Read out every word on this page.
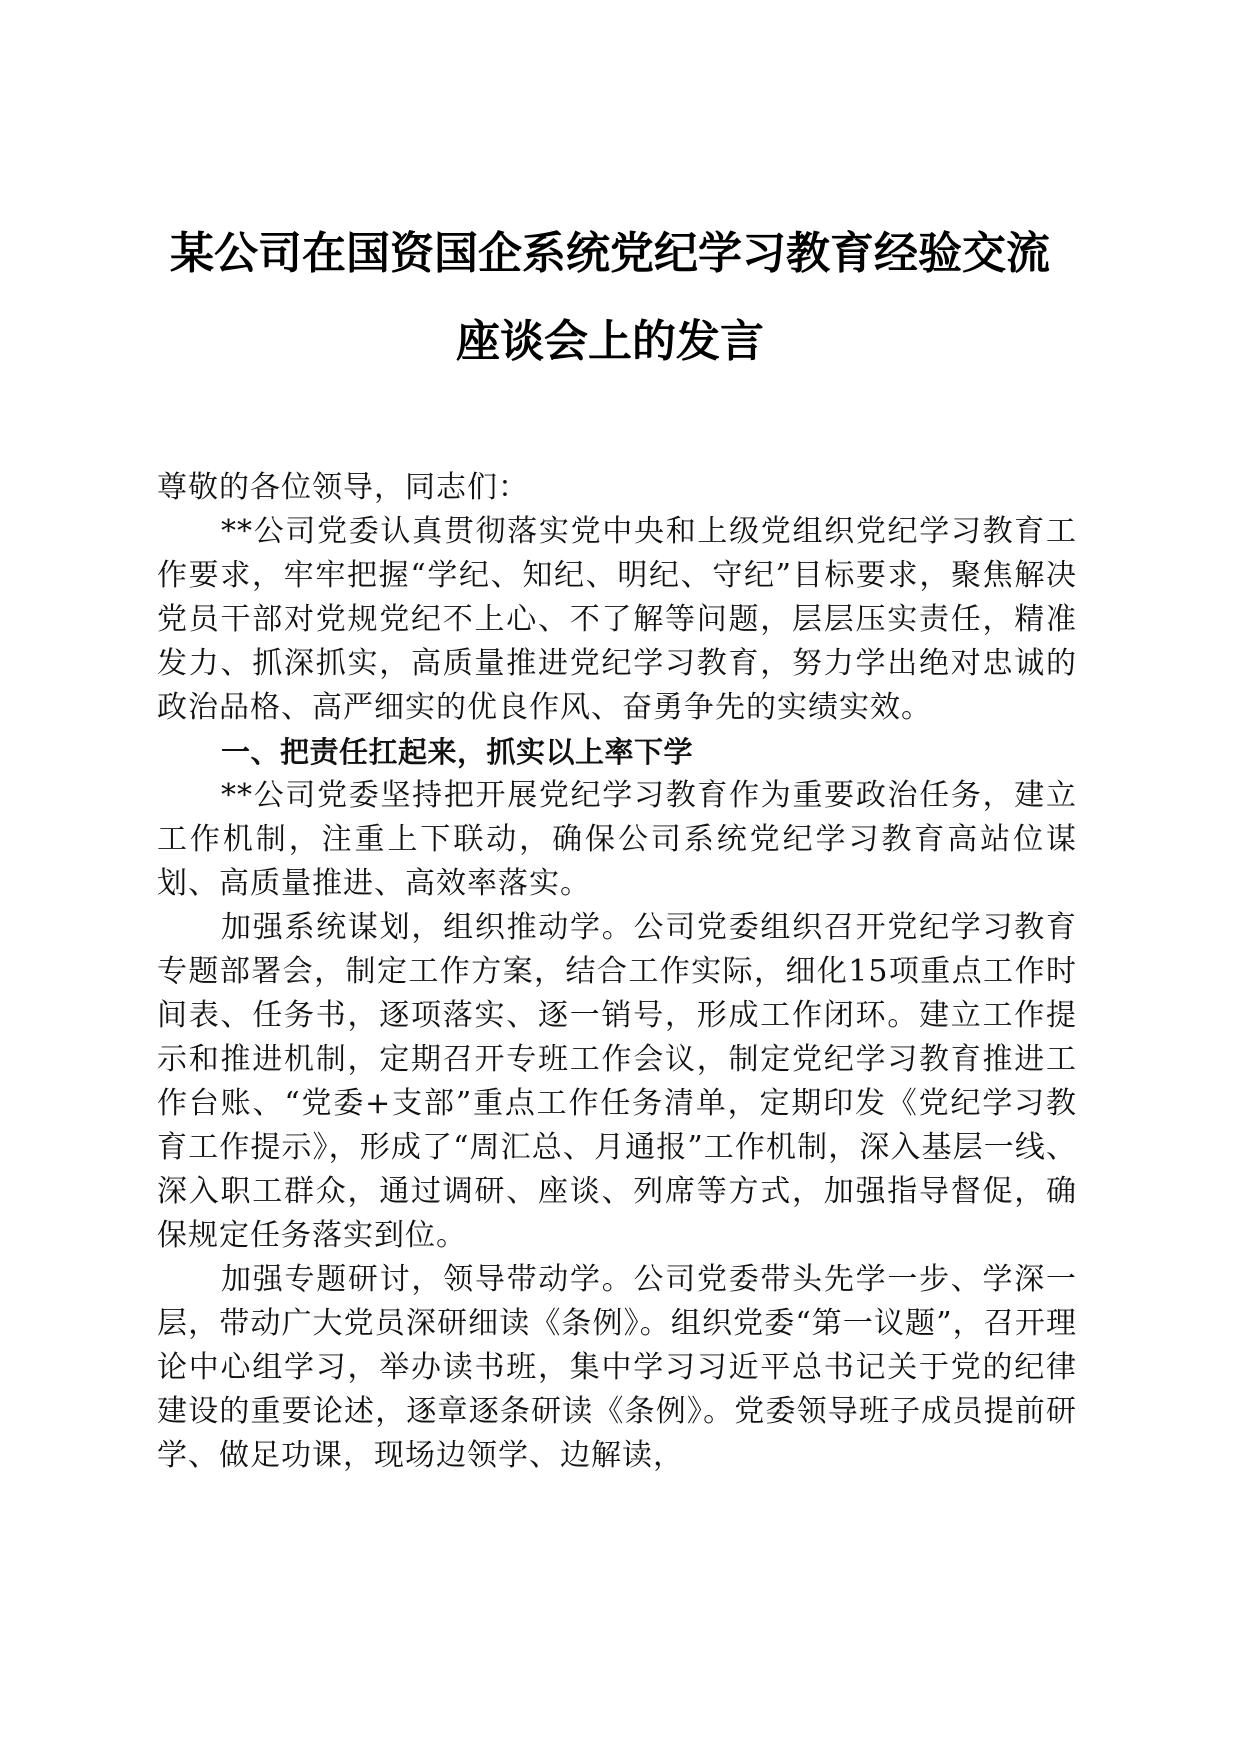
某公司在国资国企系统党纪学习教育经验交流
座谈会上的发言

尊敬的各位领导，同志们：

**公司党委认真贯彻落实党中央和上级党组织党纪学习教育工作要求，牢牢把握“学纪、知纪、明纪、守纪”目标要求，聚焦解决党员干部对党规党纪不上心、不了解等问题，层层压实责任，精准发力、抓深抓实，高质量推进党纪学习教育，努力学出绝对忠诚的政治品格、高严细实的优良作风、奋勇争先的实绩实效。

一、把责任扛起来，抓实以上率下学

**公司党委坚持把开展党纪学习教育作为重要政治任务，建立工作机制，注重上下联动，确保公司系统党纪学习教育高站位谋划、高质量推进、高效率落实。

加强系统谋划，组织推动学。公司党委组织召开党纪学习教育专题部署会，制定工作方案，结合工作实际，细化15项重点工作时间表、任务书，逐项落实、逐一销号，形成工作闭环。建立工作提示和推进机制，定期召开专班工作会议，制定党纪学习教育推进工作台账、“党委+支部”重点工作任务清单，定期印发《党纪学习教育工作提示》，形成了“周汇总、月通报”工作机制，深入基层一线、深入职工群众，通过调研、座谈、列席等方式，加强指导督促，确保规定任务落实到位。

加强专题研讨，领导带动学。公司党委带头先学一步、学深一层，带动广大党员深研细读《条例》。组织党委“第一议题”，召开理论中心组学习，举办读书班，集中学习习近平总书记关于党的纪律建设的重要论述，逐章逐条研读《条例》。党委领导班子成员提前研学、做足功课，现场边领学、边解读，
